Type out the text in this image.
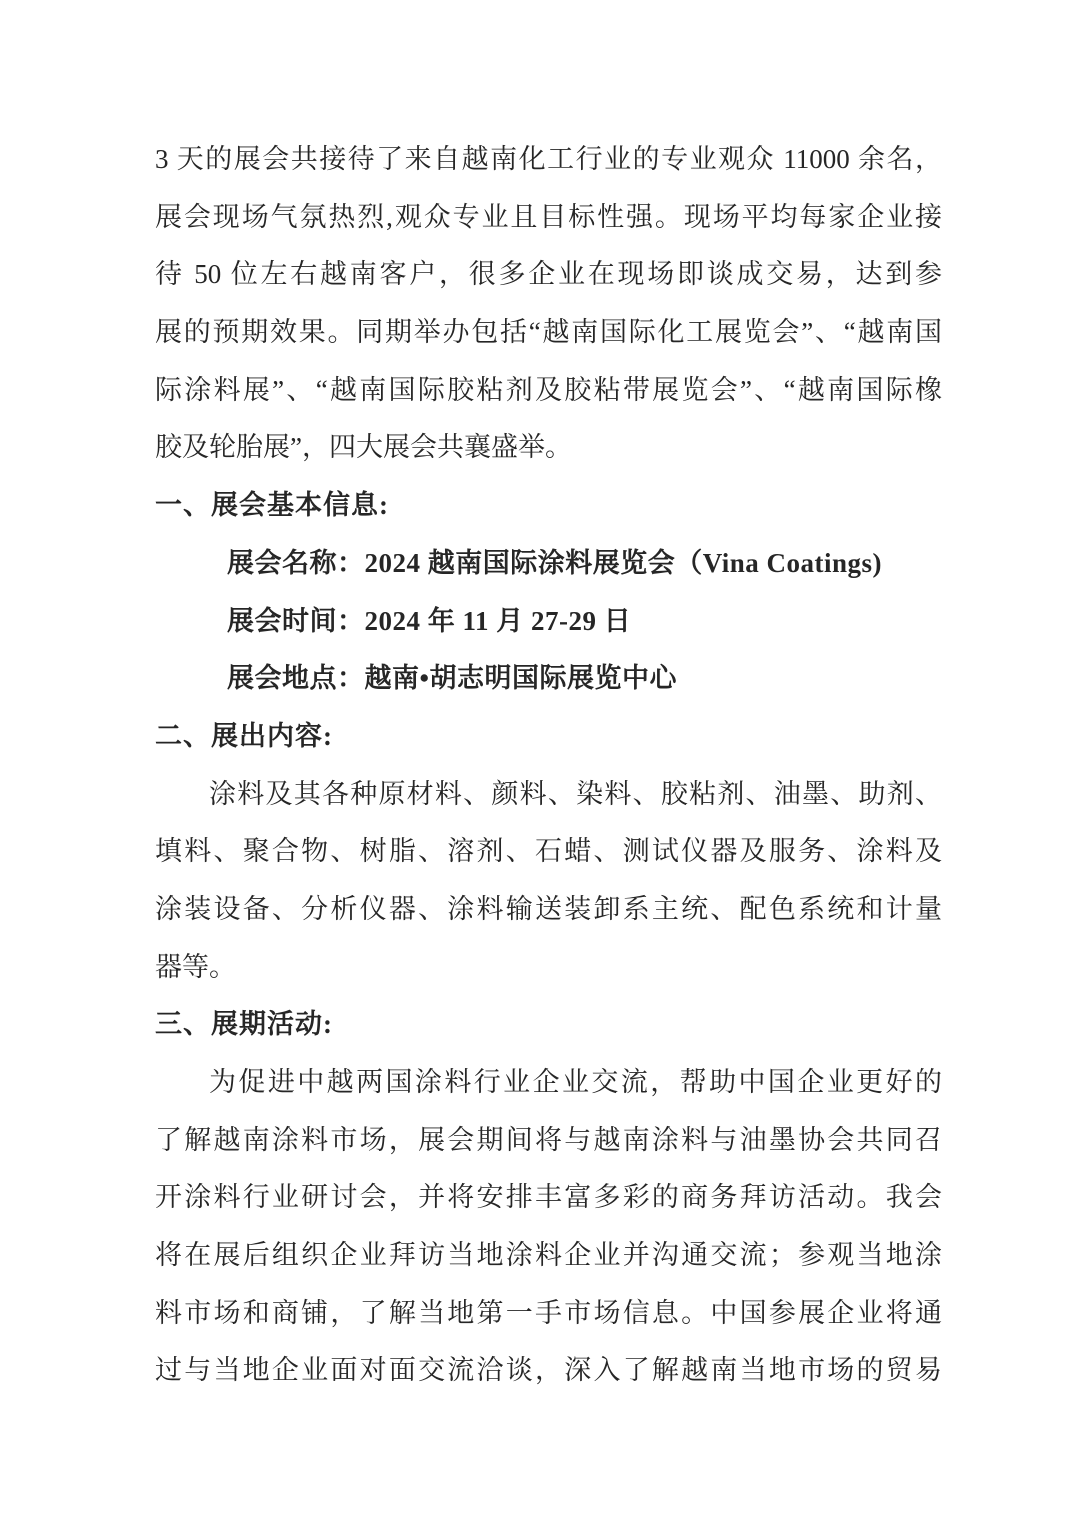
3 天的展会共接待了来自越南化工行业的专业观众 11000 余名，
展会现场气氛热烈,观众专业且目标性强。现场平均每家企业接
待 50 位左右越南客户，很多企业在现场即谈成交易，达到参
展的预期效果。同期举办包括“越南国际化工展览会”、“越南国
际涂料展”、“越南国际胶粘剂及胶粘带展览会”、“越南国际橡
胶及轮胎展”，四大展会共襄盛举。
一、展会基本信息:
展会名称：2024 越南国际涂料展览会（Vina Coatings)
展会时间：2024 年 11 月 27-29 日
展会地点：越南•胡志明国际展览中心
二、展出内容:
涂料及其各种原材料、颜料、染料、胶粘剂、油墨、助剂、
填料、聚合物、树脂、溶剂、石蜡、测试仪器及服务、涂料及
涂装设备、分析仪器、涂料输送装卸系主统、配色系统和计量
器等。
三、展期活动:
为促进中越两国涂料行业企业交流，帮助中国企业更好的
了解越南涂料市场，展会期间将与越南涂料与油墨协会共同召
开涂料行业研讨会，并将安排丰富多彩的商务拜访活动。我会
将在展后组织企业拜访当地涂料企业并沟通交流；参观当地涂
料市场和商铺，了解当地第一手市场信息。中国参展企业将通
过与当地企业面对面交流洽谈，深入了解越南当地市场的贸易
